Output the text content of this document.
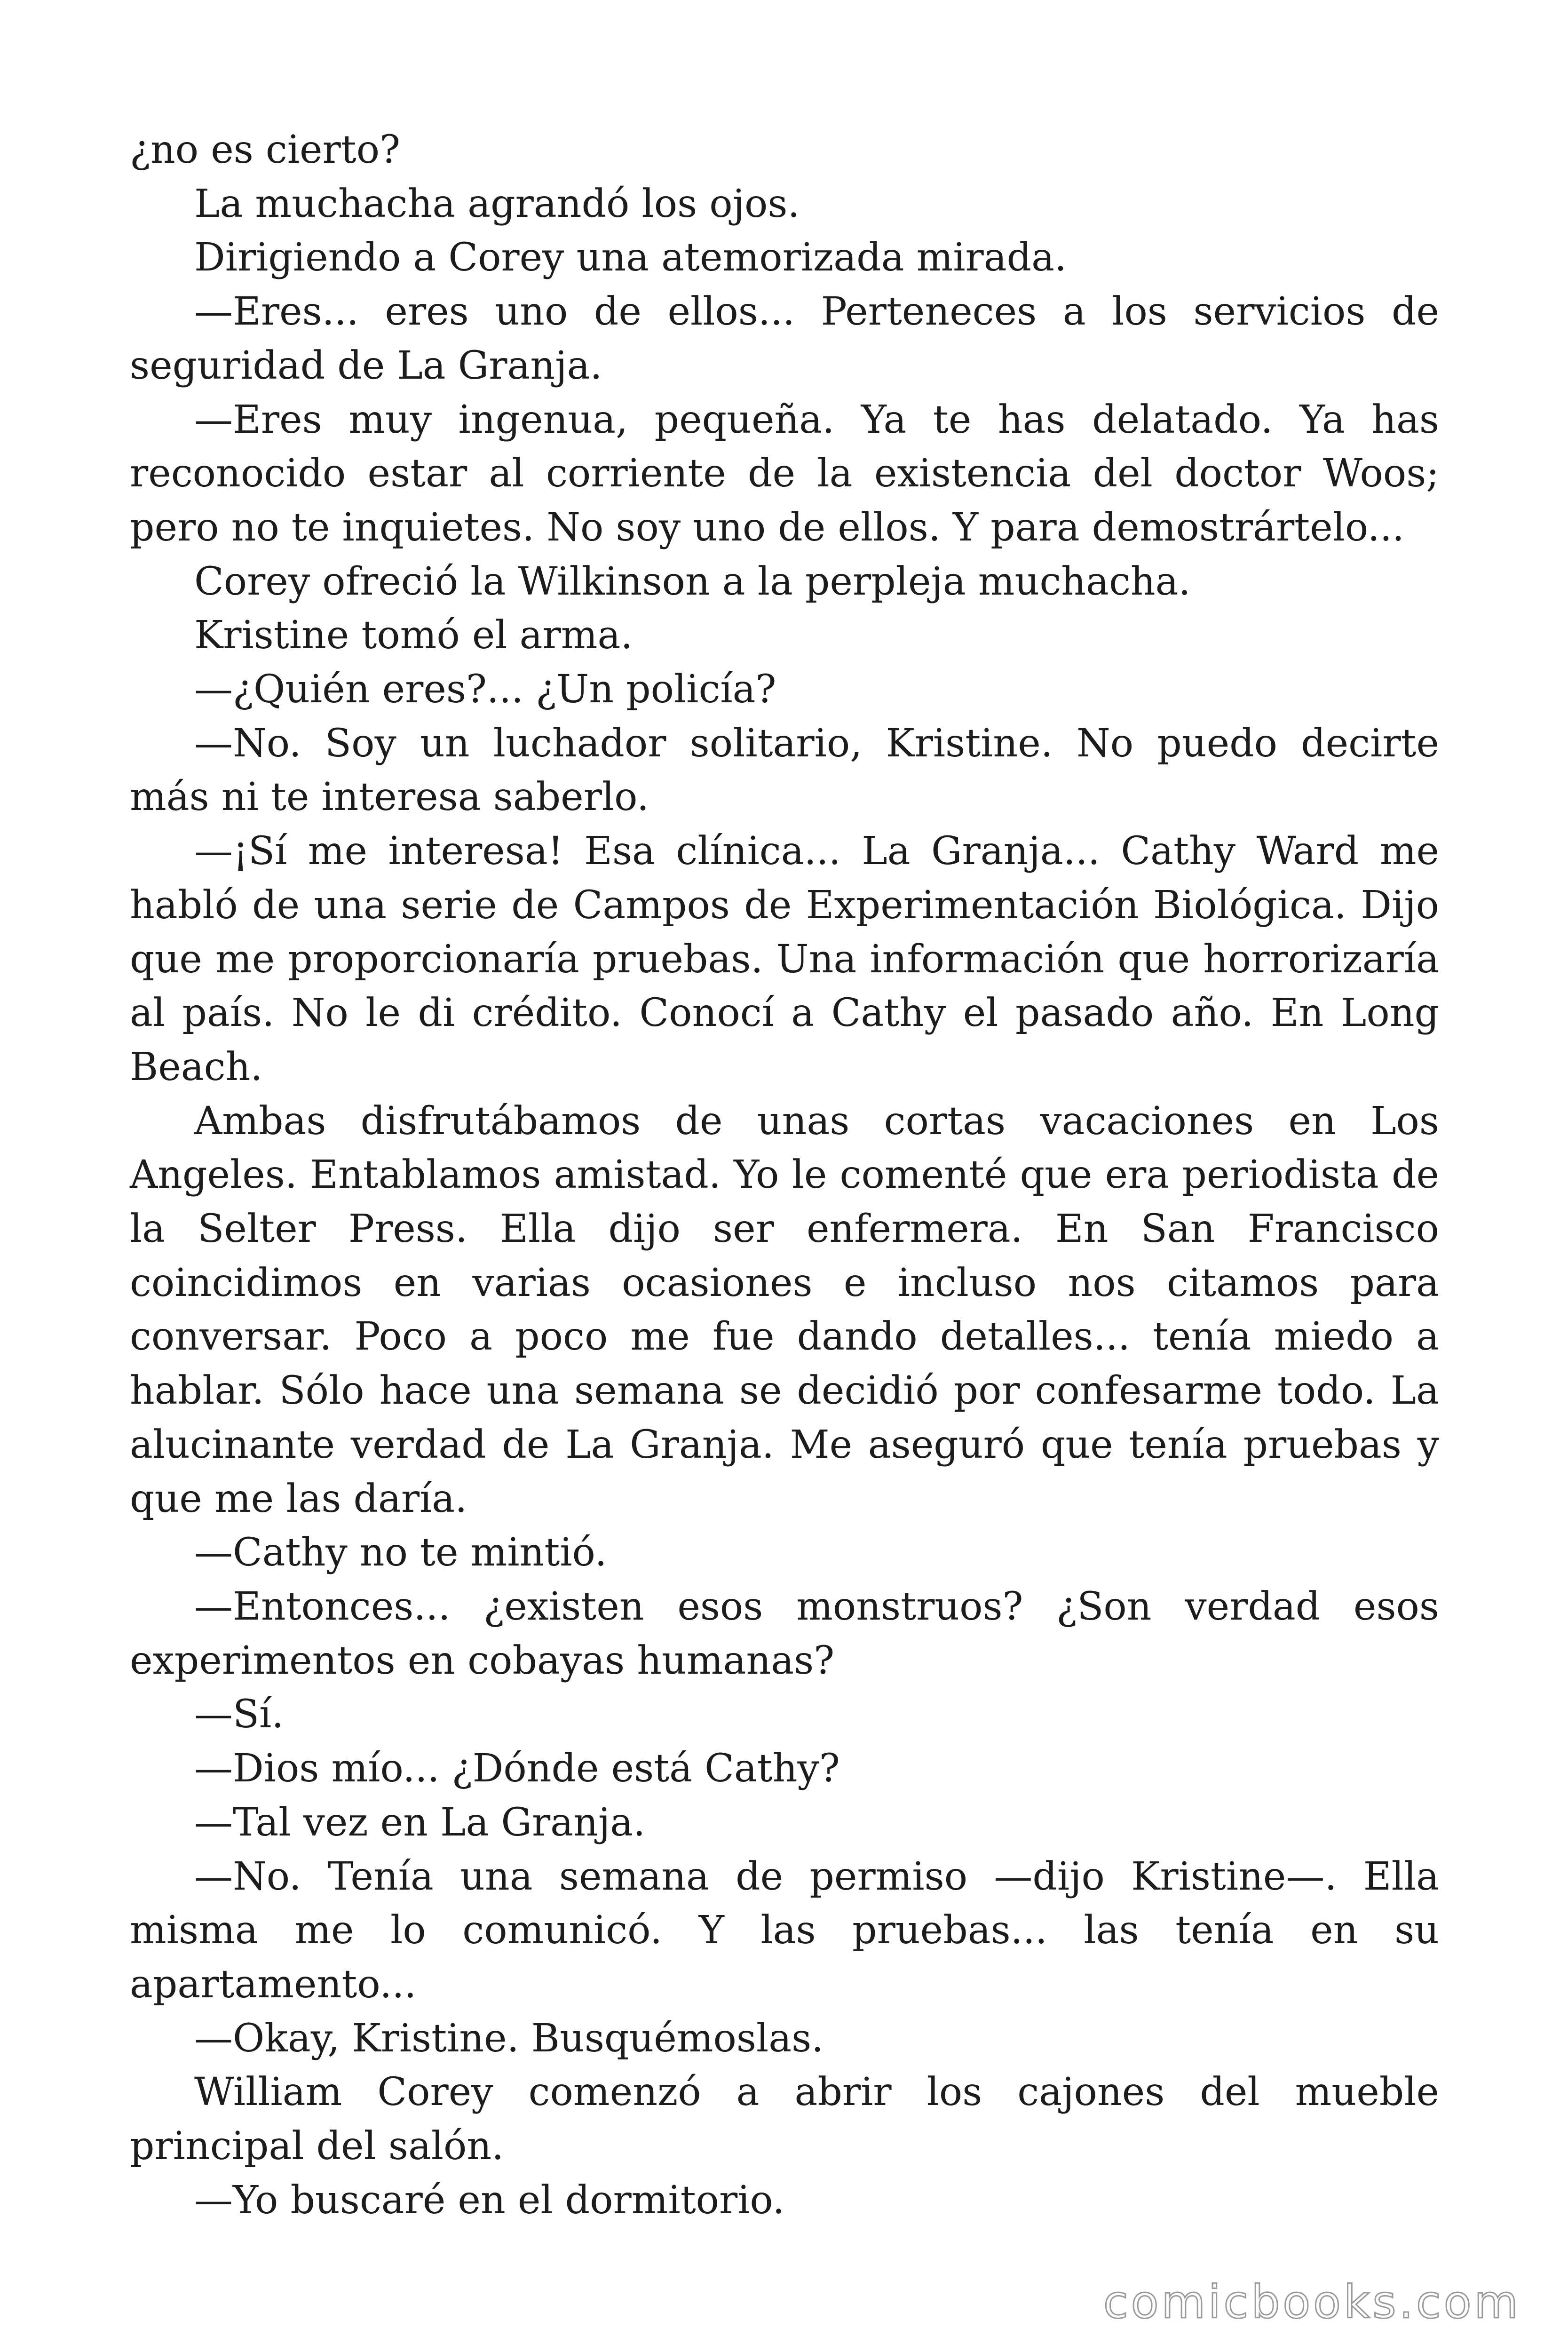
¿no es cierto?

La muchacha agrandó los ojos.

Dirigiendo a Corey una atemorizada mirada.

—Eres... eres uno de ellos... Perteneces a los servicios de seguridad de La Granja.

—Eres muy ingenua, pequeña. Ya te has delatado. Ya has reconocido estar al corriente de la existencia del doctor Woos; pero no te inquietes. No soy uno de ellos. Y para demostrártelo...

Corey ofreció la Wilkinson a la perpleja muchacha.

Kristine tomó el arma.

—¿Quién eres?... ¿Un policía?

—No. Soy un luchador solitario, Kristine. No puedo decirte más ni te interesa saberlo.

—¡Sí me interesa! Esa clínica... La Granja... Cathy Ward me habló de una serie de Campos de Experimentación Biológica. Dijo que me proporcionaría pruebas. Una información que horrorizaría al país. No le di crédito. Conocí a Cathy el pasado año. En Long Beach.

Ambas disfrutábamos de unas cortas vacaciones en Los Angeles. Entablamos amistad. Yo le comenté que era periodista de la Selter Press. Ella dijo ser enfermera. En San Francisco coincidimos en varias ocasiones e incluso nos citamos para conversar. Poco a poco me fue dando detalles... tenía miedo a hablar. Sólo hace una semana se decidió por confesarme todo. La alucinante verdad de La Granja. Me aseguró que tenía pruebas y que me las daría.

—Cathy no te mintió.

—Entonces... ¿existen esos monstruos? ¿Son verdad esos experimentos en cobayas humanas?

—Sí.

—Dios mío... ¿Dónde está Cathy?

—Tal vez en La Granja.

—No. Tenía una semana de permiso —dijo Kristine—. Ella misma me lo comunicó. Y las pruebas... las tenía en su apartamento...

—Okay, Kristine. Busquémoslas.

William Corey comenzó a abrir los cajones del mueble principal del salón.

—Yo buscaré en el dormitorio.

comicbooks.com
